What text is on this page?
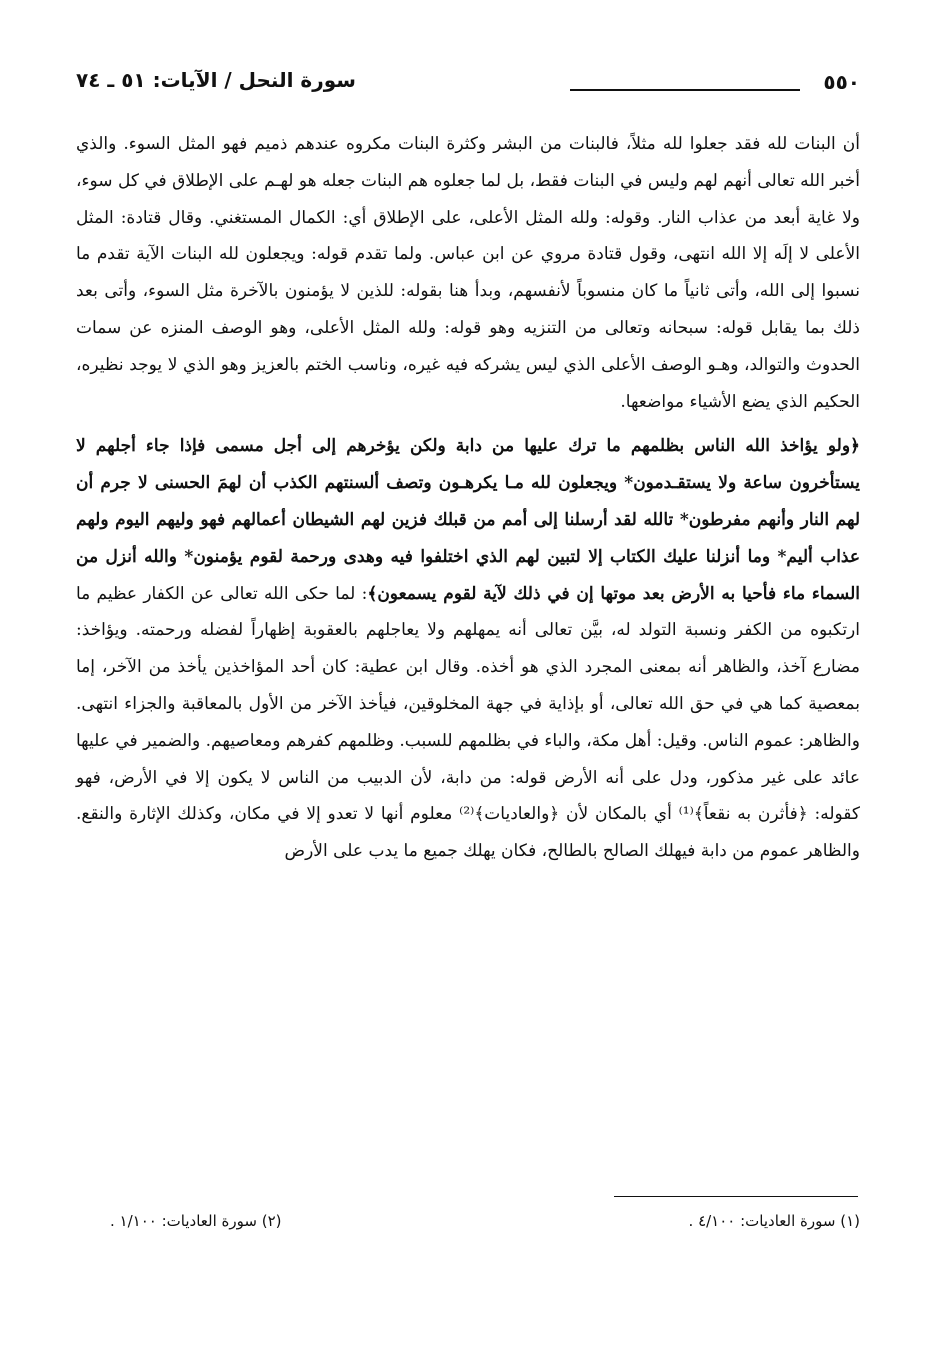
٥٥٠
سورة النحل / الآيات: ٥١ ـ ٧٤

أن البنات لله فقد جعلوا لله مثلاً، فالبنات من البشر وكثرة البنات مكروه عندهم ذميم فهو المثل السوء. والذي أخبر الله تعالى أنهم لهم وليس في البنات فقط، بل لما جعلوه هم البنات جعله هو لهـم على الإطلاق في كل سوء، ولا غاية أبعد من عذاب النار. وقوله: ولله المثل الأعلى، على الإطلاق أي: الكمال المستغني. وقال قتادة: المثل الأعلى لا إلَه إلا الله انتهى، وقول قتادة مروي عن ابن عباس. ولما تقدم قوله: ويجعلون لله البنات الآية تقدم ما نسبوا إلى الله، وأتى ثانياً ما كان منسوباً لأنفسهم، وبدأ هنا بقوله: للذين لا يؤمنون بالآخرة مثل السوء، وأتى بعد ذلك بما يقابل قوله: سبحانه وتعالى من التنزيه وهو قوله: ولله المثل الأعلى، وهو الوصف المنزه عن سمات الحدوث والتوالد، وهـو الوصف الأعلى الذي ليس يشركه فيه غيره، وناسب الختم بالعزيز وهو الذي لا يوجد نظيره، الحكيم الذي يضع الأشياء مواضعها.

﴿ولو يؤاخذ الله الناس بظلمهم ما ترك عليها من دابة ولكن يؤخرهم إلى أجل مسمى فإذا جاء أجلهم لا يستأخرون ساعة ولا يستقـدمون* ويجعلون لله مـا يكرهـون وتصف ألسنتهم الكذب أن لهمَ الحسنى لا جرم أن لهم النار وأنهم مفرطون* تالله لقد أرسلنا إلى أمم من قبلك فزين لهم الشيطان أعمالهم فهو وليهم اليوم ولهم عذاب أليم* وما أنزلنا عليك الكتاب إلا لتبين لهم الذي اختلفوا فيه وهدى ورحمة لقوم يؤمنون* والله أنزل من السماء ماء فأحيا به الأرض بعد موتها إن في ذلك لآية لقوم يسمعون﴾: لما حكى الله تعالى عن الكفار عظيم ما ارتكبوه من الكفر ونسبة التولد له، بيَّن تعالى أنه يمهلهم ولا يعاجلهم بالعقوبة إظهاراً لفضله ورحمته. ويؤاخذ: مضارع آخذ، والظاهر أنه بمعنى المجرد الذي هو أخذه. وقال ابن عطية: كان أحد المؤاخذين يأخذ من الآخر، إما بمعصية كما هي في حق الله تعالى، أو بإذاية في جهة المخلوقين، فيأخذ الآخر من الأول بالمعاقبة والجزاء انتهى. والظاهر: عموم الناس. وقيل: أهل مكة، والباء في بظلمهم للسبب. وظلمهم كفرهم ومعاصيهم. والضمير في عليها عائد على غير مذكور، ودل على أنه الأرض قوله: من دابة، لأن الدبيب من الناس لا يكون إلا في الأرض، فهو كقوله: ﴿فأثرن به نقعاً﴾⁽¹⁾ أي بالمكان لأن ﴿والعاديات﴾⁽²⁾ معلوم أنها لا تعدو إلا في مكان، وكذلك الإثارة والنقع. والظاهر عموم من دابة فيهلك الصالح بالطالح، فكان يهلك جميع ما يدب على الأرض

(١) سورة العاديات: ٤/١٠٠ .
(٢) سورة العاديات: ١/١٠٠ .
